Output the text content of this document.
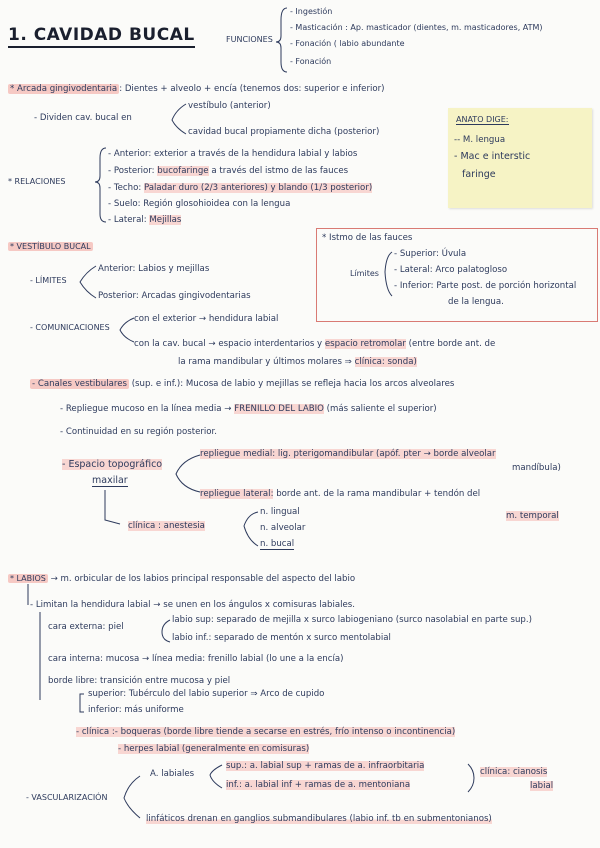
1. CAVIDAD BUCAL	FUNCIONES
- Ingestión
- Masticación : Ap. masticador (dientes, m. masticadores, ATM)
- Fonación ( labio abundante
- Fonación
* Arcada gingivodentaria : Dientes + alveolo + encía (tenemos dos: superior e inferior)
- Dividen cav. bucal en
vestíbulo (anterior)
cavidad bucal propiamente dicha (posterior)
ANATO DIGE:
-- M. lengua
- Mac e interstic
faringe
* RELACIONES
- Anterior: exterior a través de la hendidura labial y labios
- Posterior: bucofaringe a través del istmo de las fauces
- Techo: Paladar duro (2/3 anteriores) y blando (1/3 posterior)
- Suelo: Región glosohioidea con la lengua
- Lateral: Mejillas
* Istmo de las fauces
Límites
- Superior: Úvula
- Lateral: Arco palatogloso
- Inferior: Parte post. de porción horizontal
de la lengua.
* VESTÍBULO BUCAL
- LÍMITES
Anterior: Labios y mejillas
Posterior: Arcadas gingivodentarias
- COMUNICACIONES
con el exterior → hendidura labial
con la cav. bucal → espacio interdentarios y espacio retromolar (entre borde ant. de
la rama mandibular y últimos molares ⇒ clínica: sonda)
- Canales vestibulares (sup. e inf.): Mucosa de labio y mejillas se refleja hacia los arcos alveolares
- Repliegue mucoso en la línea media → FRENILLO DEL LABIO (más saliente el superior)
- Continuidad en su región posterior.
- Espacio topográfico
maxilar
repliegue medial: lig. pterigomandibular (apóf. pter → borde alveolar
mandíbula)
repliegue lateral: borde ant. de la rama mandibular + tendón del
m. temporal
clínica : anestesia
n. lingual
n. alveolar
n. bucal
* LABIOS → m. orbicular de los labios principal responsable del aspecto del labio
- Limitan la hendidura labial → se unen en los ángulos x comisuras labiales.
cara externa: piel
labio sup: separado de mejilla x surco labiogeniano (surco nasolabial en parte sup.)
labio inf.: separado de mentón x surco mentolabial
cara interna: mucosa → línea media: frenillo labial (lo une a la encía)
borde libre: transición entre mucosa y piel
superior: Tubérculo del labio superior ⇒ Arco de cupido
inferior: más uniforme
- clínica :- boqueras (borde libre tiende a secarse en estrés, frío intenso o incontinencia)
- herpes labial (generalmente en comisuras)
- VASCULARIZACIÓN
A. labiales
sup.: a. labial sup + ramas de a. infraorbitaria
inf.: a. labial inf + ramas de a. mentoniana
clínica: cianosis
labial
linfáticos drenan en ganglios submandibulares (labio inf. tb en submentonianos)
